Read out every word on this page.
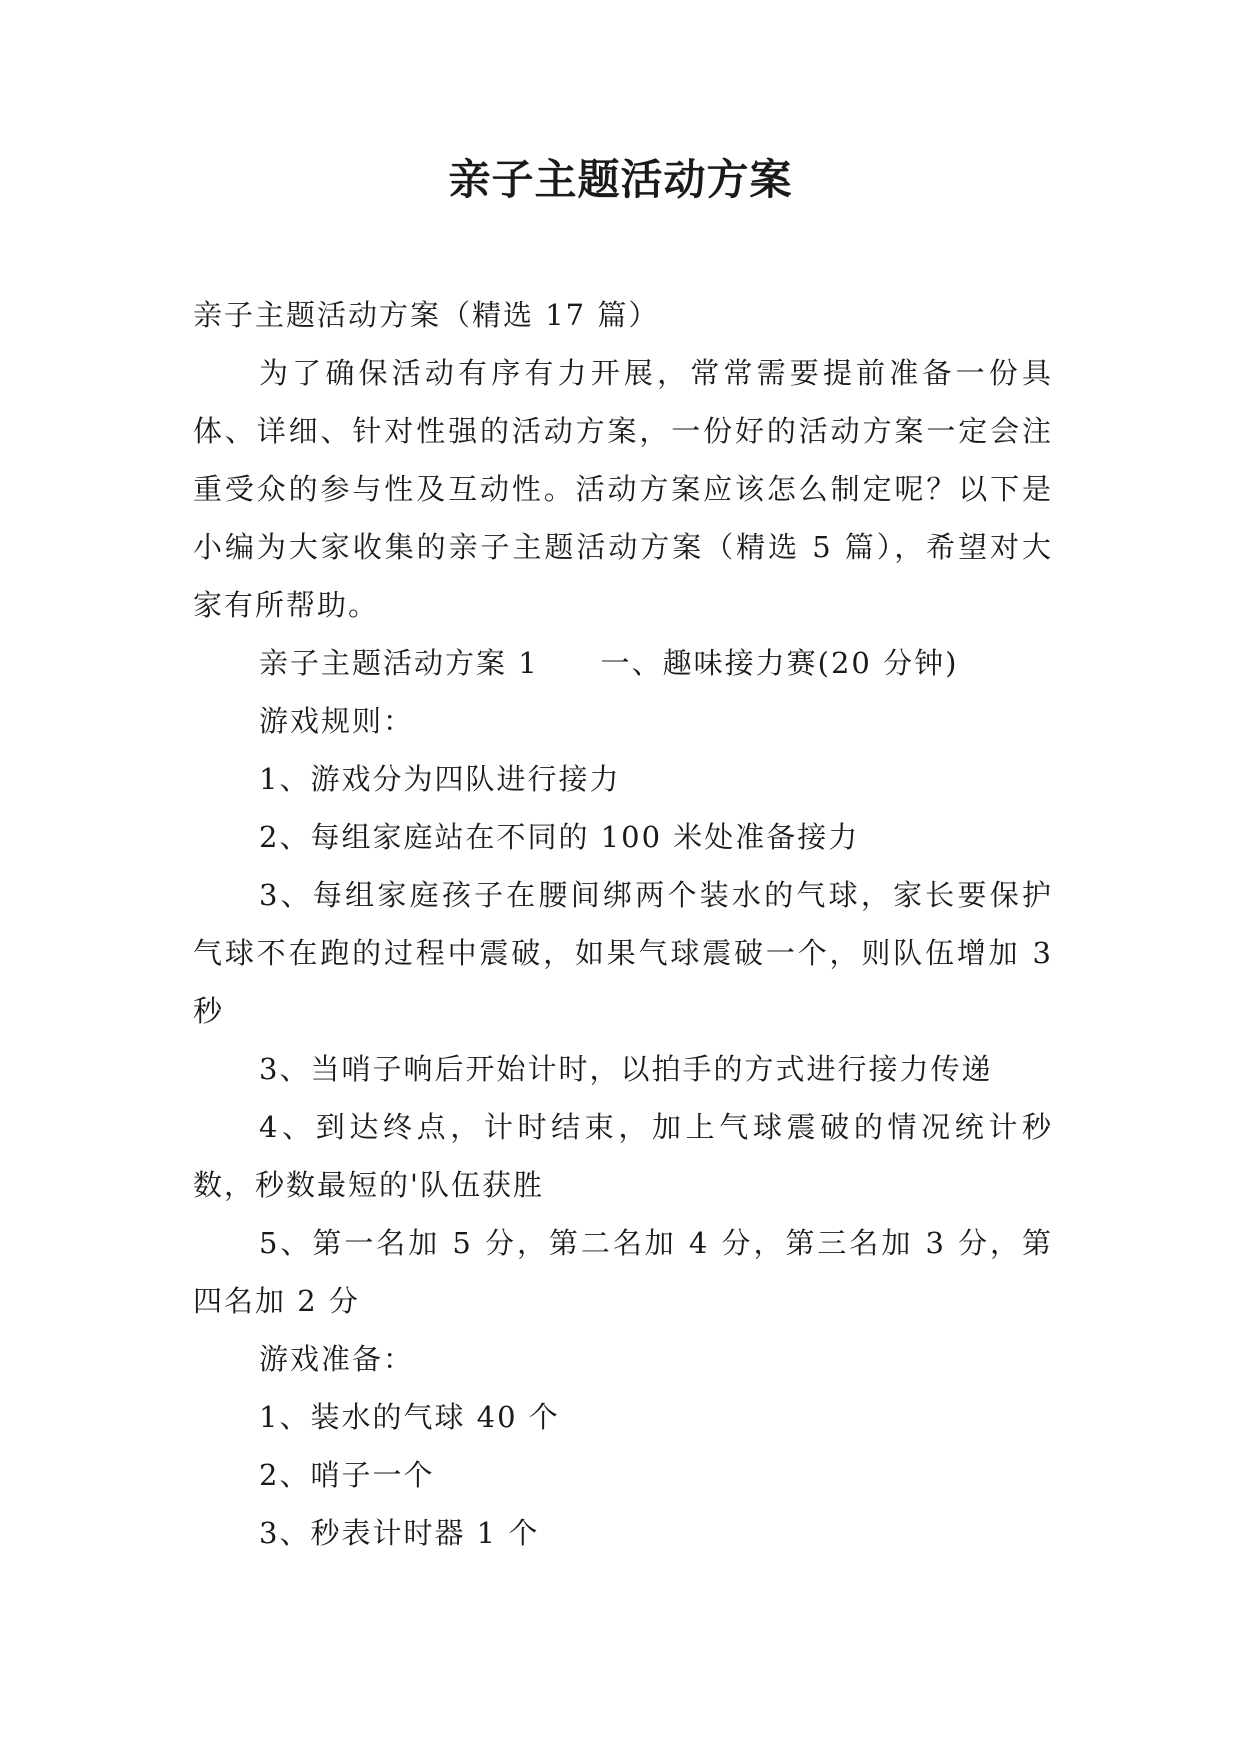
亲子主题活动方案

亲子主题活动方案（精选 17 篇）

为了确保活动有序有力开展，常常需要提前准备一份具体、详细、针对性强的活动方案，一份好的活动方案一定会注重受众的参与性及互动性。活动方案应该怎么制定呢？以下是小编为大家收集的亲子主题活动方案（精选 5 篇），希望对大家有所帮助。

亲子主题活动方案 1　　一、趣味接力赛(20 分钟)

游戏规则：

1、游戏分为四队进行接力

2、每组家庭站在不同的 100 米处准备接力

3、每组家庭孩子在腰间绑两个装水的气球，家长要保护气球不在跑的过程中震破，如果气球震破一个，则队伍增加 3 秒

3、当哨子响后开始计时，以拍手的方式进行接力传递

4、到达终点，计时结束，加上气球震破的情况统计秒数，秒数最短的'队伍获胜

5、第一名加 5 分，第二名加 4 分，第三名加 3 分，第四名加 2 分

游戏准备：

1、装水的气球 40 个

2、哨子一个

3、秒表计时器 1 个
